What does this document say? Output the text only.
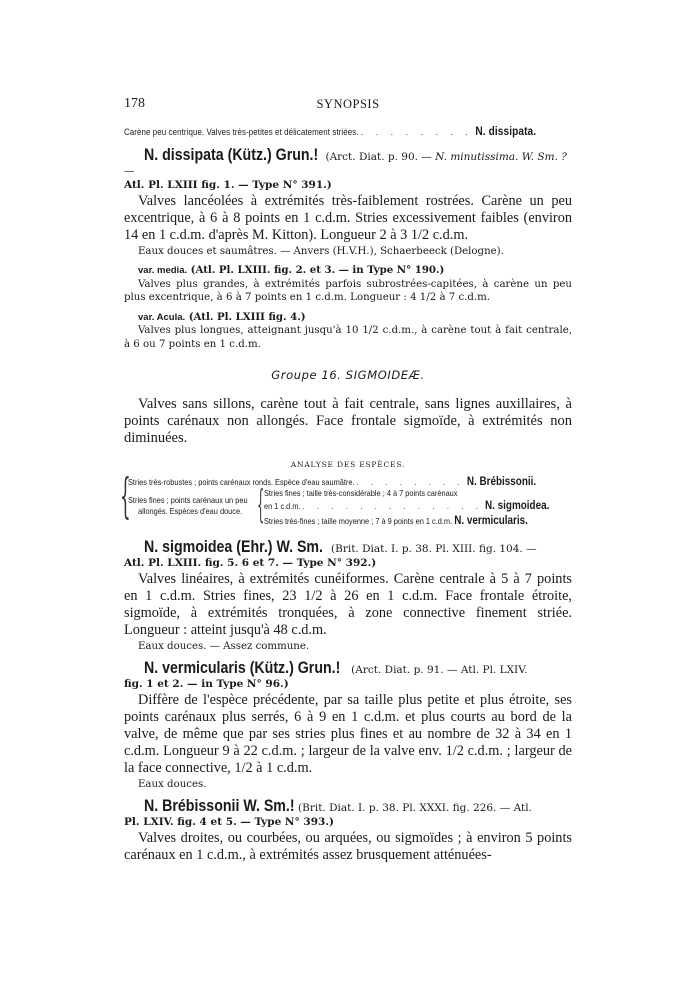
178	SYNOPSIS
Carène peu centrique. Valves très-petites et délicatement striées. . . . . . . . . N. dissipata.
N. dissipata (Kütz.) Grun.! (Arct. Diat. p. 90. — N. minutissima. W. Sm. ? —
Atl. Pl. LXIII fig. 1. — Type N° 391.)
Valves lancéolées à extrémités très-faiblement rostrées. Carène un peu excentrique, à 6 à 8 points en 1 c.d.m. Stries excessivement faibles (environ 14 en 1 c.d.m. d'après M. Kitton). Longueur 2 à 3 1/2 c.d.m.
Eaux douces et saumâtres. — Anvers (H.V.H.), Schaerbeeck (Delogne).
var. media. (Atl. Pl. LXIII. fig. 2. et 3. — in Type N° 190.)
Valves plus grandes, à extrémités parfois subrostrées-capitées, à carène un peu plus excentrique, à 6 à 7 points en 1 c.d.m. Longueur : 4 1/2 à 7 c.d.m.
var. Acula. (Atl. Pl. LXIII fig. 4.)
Valves plus longues, atteignant jusqu'à 10 1/2 c.d.m., à carène tout à fait centrale, à 6 ou 7 points en 1 c.d.m.
Groupe 16. SIGMOIDEÆ.
Valves sans sillons, carène tout à fait centrale, sans lignes auxillaires, à points carénaux non allongés. Face frontale sigmoïde, à extrémités non diminuées.
ANALYSE DES ESPÈCES.
{
Stries très-robustes ; points carénaux ronds. Espèce d'eau saumâtre. . . . . . . . . N. Brébissonii.
Stries fines ; points carénaux un peu
allongés. Espèces d'eau douce. { Stries fines ; taille très-considérable ; 4 à 7 points carénaux
en 1 c.d.m. . . . . . . . . . . . . . N. sigmoidea.
Stries très-fines ; taille moyenne ; 7 à 9 points en 1 c.d.m. N. vermicularis.
N. sigmoidea (Ehr.) W. Sm. (Brit. Diat. I. p. 38. Pl. XIII. fig. 104. —
Atl. Pl. LXIII. fig. 5. 6 et 7. — Type N° 392.)
Valves linéaires, à extrémités cunéiformes. Carène centrale à 5 à 7 points en 1 c.d.m. Stries fines, 23 1/2 à 26 en 1 c.d.m. Face frontale étroite, sigmoïde, à extrémités tronquées, à zone connective finement striée. Longueur : atteint jusqu'à 48 c.d.m.
Eaux douces. — Assez commune.
N. vermicularis (Kütz.) Grun.! (Arct. Diat. p. 91. — Atl. Pl. LXIV.
fig. 1 et 2. — in Type N° 96.)
Diffère de l'espèce précédente, par sa taille plus petite et plus étroite, ses points carénaux plus serrés, 6 à 9 en 1 c.d.m. et plus courts au bord de la valve, de même que par ses stries plus fines et au nombre de 32 à 34 en 1 c.d.m. Longueur 9 à 22 c.d.m. ; largeur de la valve env. 1/2 c.d.m. ; largeur de la face connective, 1/2 à 1 c.d.m.
Eaux douces.
N. Brébissonii W. Sm.! (Brit. Diat. I. p. 38. Pl. XXXI. fig. 226. — Atl.
Pl. LXIV. fig. 4 et 5. — Type N° 393.)
Valves droites, ou courbées, ou arquées, ou sigmoïdes ; à environ 5 points carénaux en 1 c.d.m., à extrémités assez brusquement atténuées-
